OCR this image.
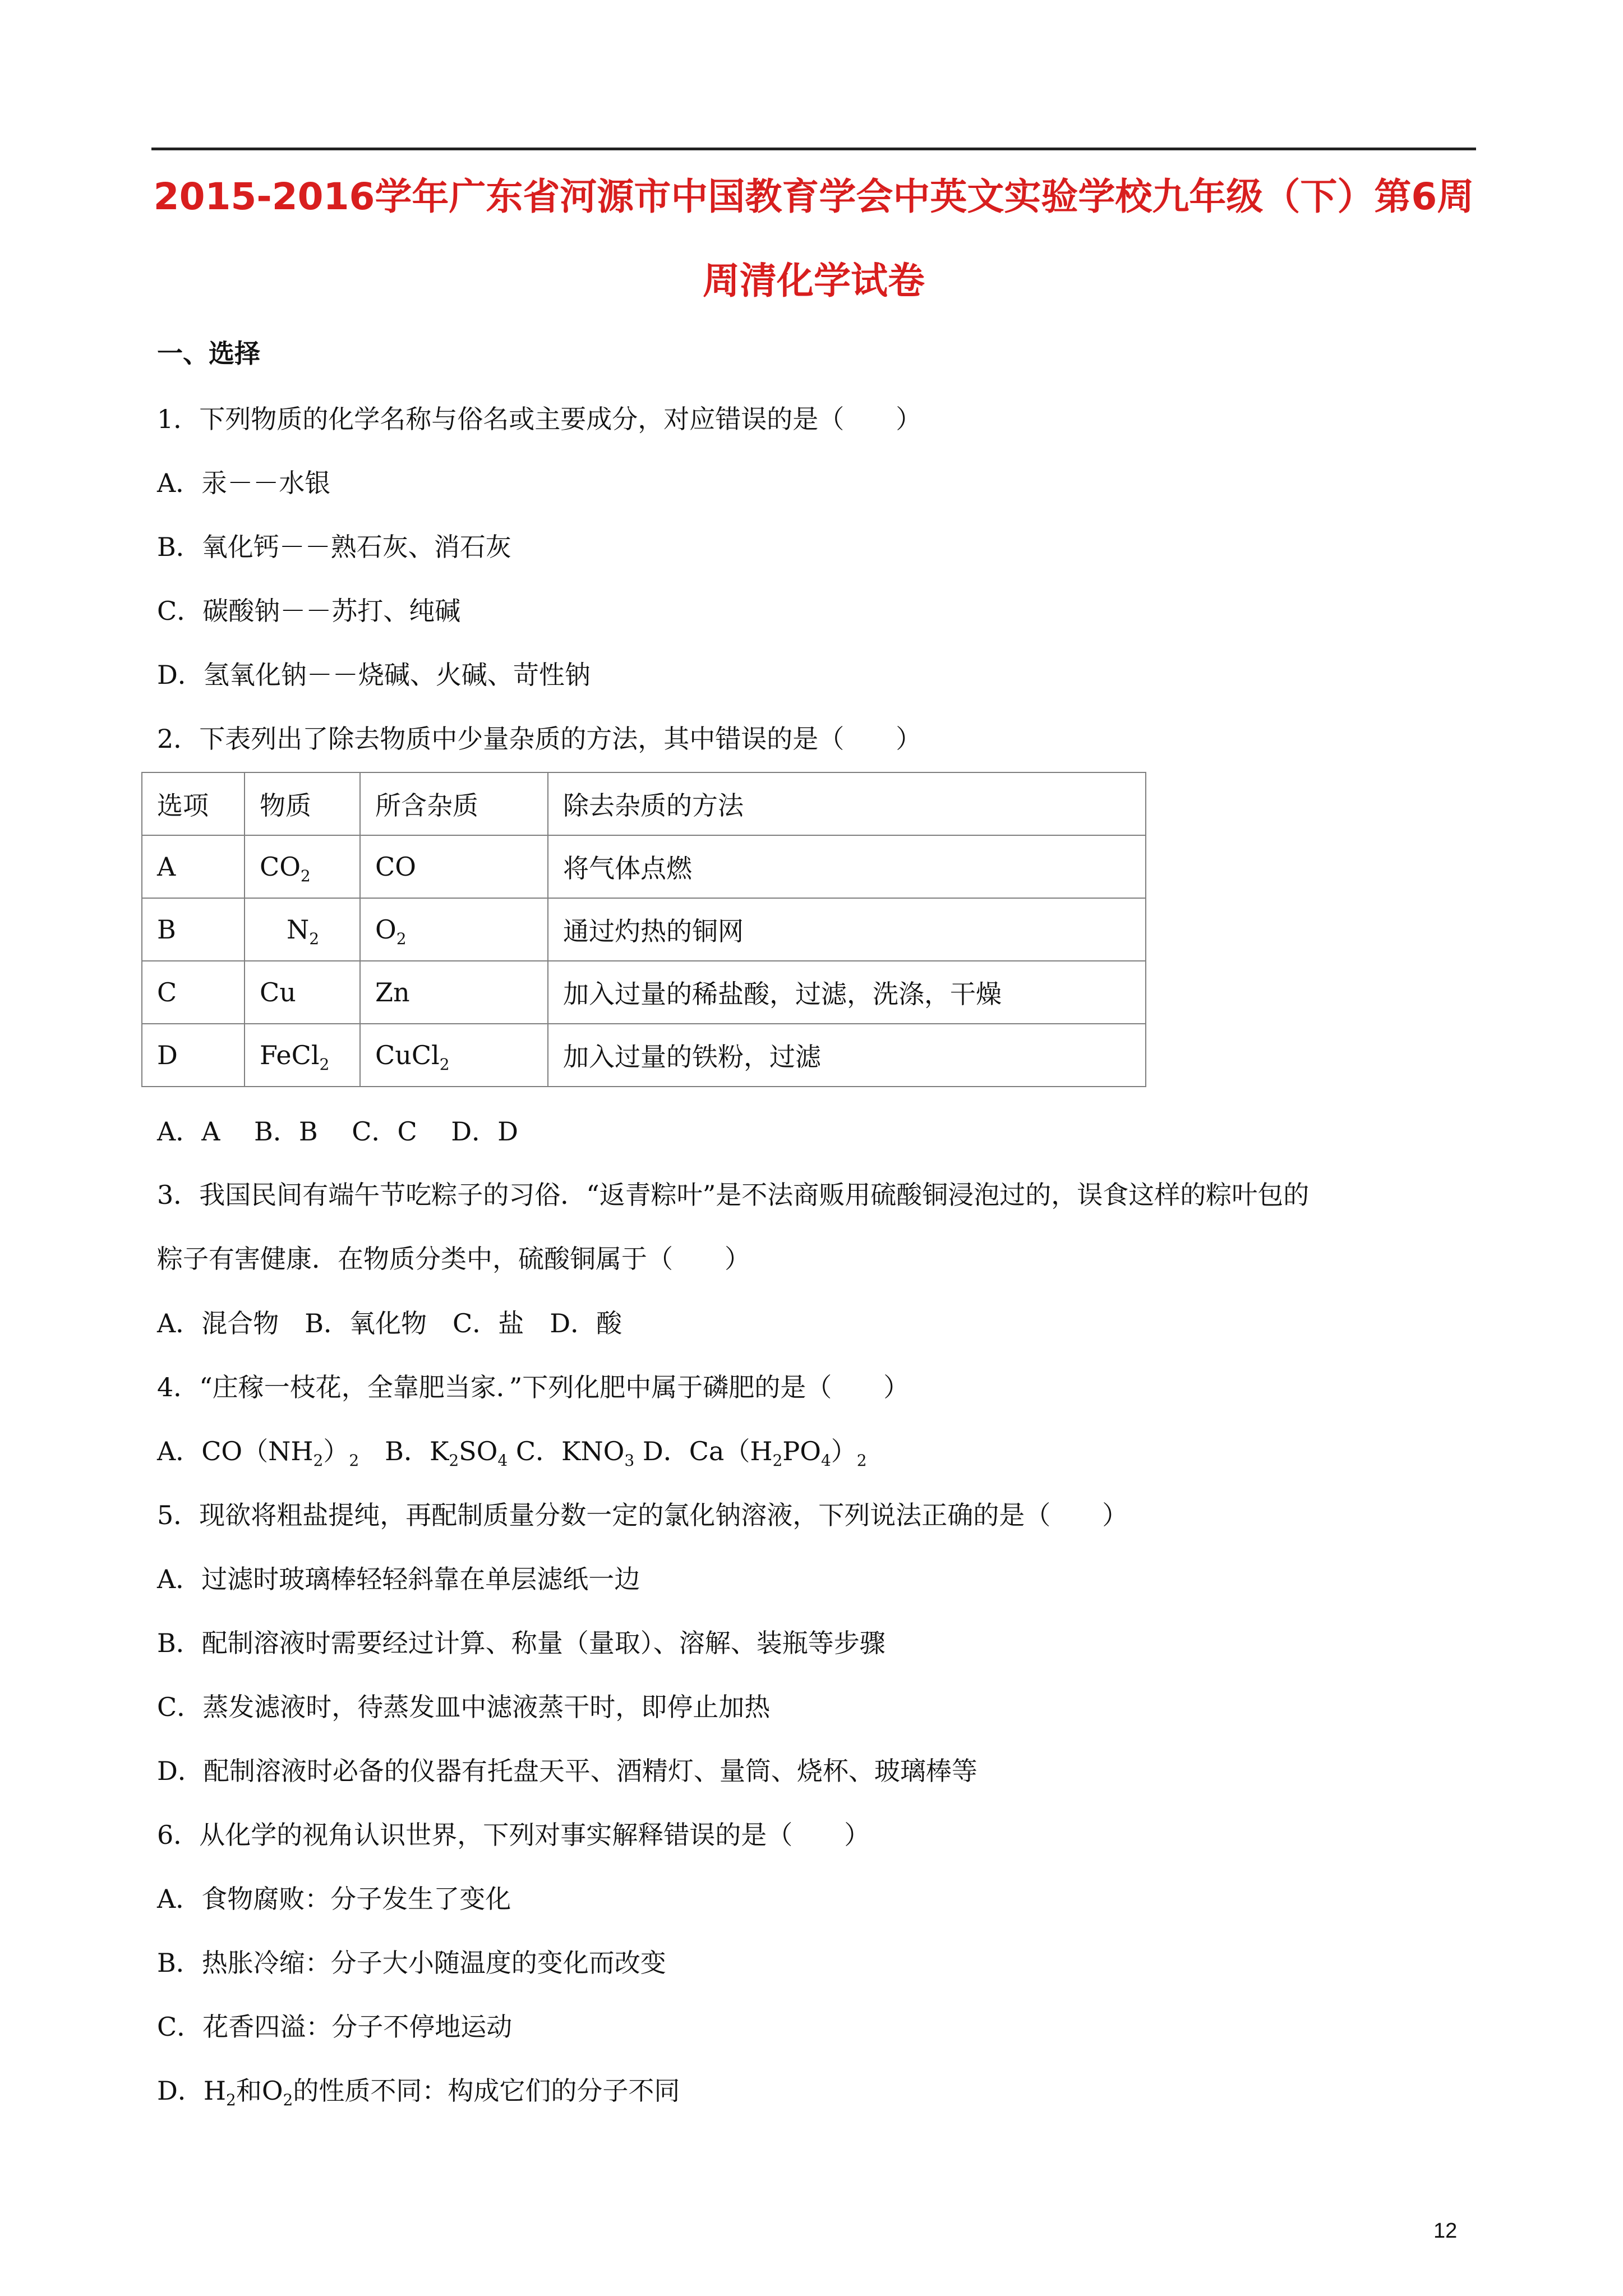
2015-2016学年广东省河源市中国教育学会中英文实验学校九年级（下）第6周
周清化学试卷
一、选择
1．下列物质的化学名称与俗名或主要成分，对应错误的是（　　）
A．汞－－水银
B．氧化钙－－熟石灰、消石灰
C．碳酸钠－－苏打、纯碱
D．氢氧化钠－－烧碱、火碱、苛性钠
2．下表列出了除去物质中少量杂质的方法，其中错误的是（　　）
选项	物质	所含杂质	除去杂质的方法
A	$CO_2$	CO	将气体点燃
B	$N_2$	$O_2$	通过灼热的铜网
C	Cu	Zn	加入过量的稀盐酸，过滤，洗涤，干燥
D	FeCl$_2$	CuCl$_2$	加入过量的铁粉，过滤
A．A　 B．B　 C．C　 D．D
3．我国民间有端午节吃粽子的习俗．“返青粽叶”是不法商贩用硫酸铜浸泡过的，误食这样的粽叶包的
粽子有害健康．在物质分类中，硫酸铜属于（　　）
A．混合物　B．氧化物　C．盐　D．酸
4．“庄稼一枝花，全靠肥当家．”下列化肥中属于磷肥的是（　　）
A．$CO(NH_2)_2$　B．$K_2SO_4$ C．$KNO_3$ D．$Ca(H_2PO_4)_2$
5．现欲将粗盐提纯，再配制质量分数一定的氯化钠溶液，下列说法正确的是（　　）
A．过滤时玻璃棒轻轻斜靠在单层滤纸一边
B．配制溶液时需要经过计算、称量（量取）、溶解、装瓶等步骤
C．蒸发滤液时，待蒸发皿中滤液蒸干时，即停止加热
D．配制溶液时必备的仪器有托盘天平、酒精灯、量筒、烧杯、玻璃棒等
6．从化学的视角认识世界，下列对事实解释错误的是（　　）
A．食物腐败：分子发生了变化
B．热胀冷缩：分子大小随温度的变化而改变
C．花香四溢：分子不停地运动
D．$H_2$和$O_2$的性质不同：构成它们的分子不同
12
